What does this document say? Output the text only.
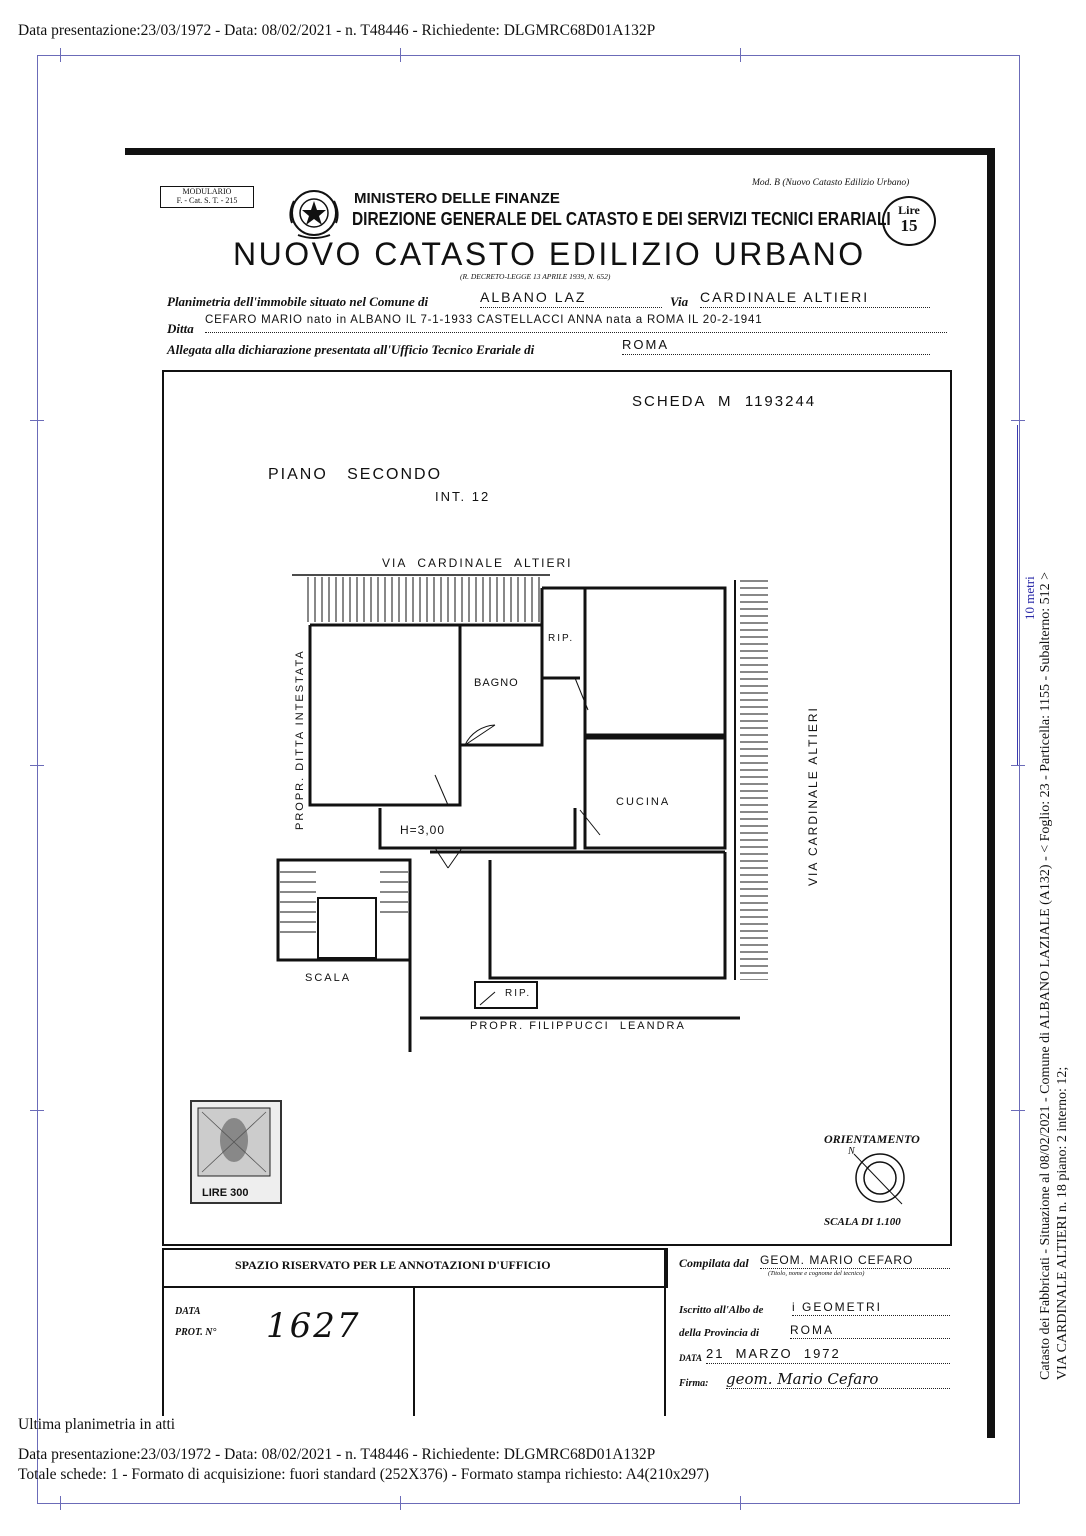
Data presentazione:23/03/1972 - Data: 08/02/2021 - n. T48446 - Richiedente: DLGMRC68D01A132P
MODULARIO
F. - Cat. S. T. - 215	MINISTERO DELLE FINANZE
DIREZIONE GENERALE DEL CATASTO E DEI SERVIZI TECNICI ERARIALI
Mod. B (Nuovo Catasto Edilizio Urbano)
Lire
15
NUOVO CATASTO EDILIZIO URBANO
(R. DECRETO-LEGGE 13 APRILE 1939, N. 652)
Planimetria dell'immobile situato nel Comune di	ALBANO LAZ	Via CARDINALE ALTIERI
Ditta
CEFARO MARIO nato in ALBANO IL 7-1-1933 CASTELLACCI ANNA nata a ROMA IL 20-2-1941
Allegata alla dichiarazione presentata all'Ufficio Tecnico Erariale di	ROMA
SCHEDA  M  1193244
PIANO   SECONDO
INT. 12
VIA  CARDINALE  ALTIERI
PROPR. DITTA INTESTATA	VIA CARDINALE ALTIERI
RIP.
BAGNO
CUCINA
H=3,00
SCALA
RIP.
PROPR. FILIPPUCCI  LEANDRA
LIRE 300
ORIENTAMENTO
N
SCALA DI 1.100
SPAZIO RISERVATO PER LE ANNOTAZIONI D'UFFICIO
DATA
PROT. N° 1627
Compilata dal GEOM. MARIO CEFARO
(Titolo, nome e cognome del tecnico)
Iscritto all'Albo de i GEOMETRI
della Provincia di	ROMA
DATA 21  MARZO  1972
Firma: geom. Mario Cefaro
10 metri Catasto dei Fabbricati - Situazione al 08/02/2021 - Comune di ALBANO LAZIALE (A132) - < Foglio: 23 - Particella: 1155 - Subalterno: 512 > VIA CARDINALE ALTIERI n. 18 piano: 2 interno: 12;
Ultima planimetria in atti
Data presentazione:23/03/1972 - Data: 08/02/2021 - n. T48446 - Richiedente: DLGMRC68D01A132P
Totale schede: 1 - Formato di acquisizione: fuori standard (252X376) - Formato stampa richiesto: A4(210x297)
